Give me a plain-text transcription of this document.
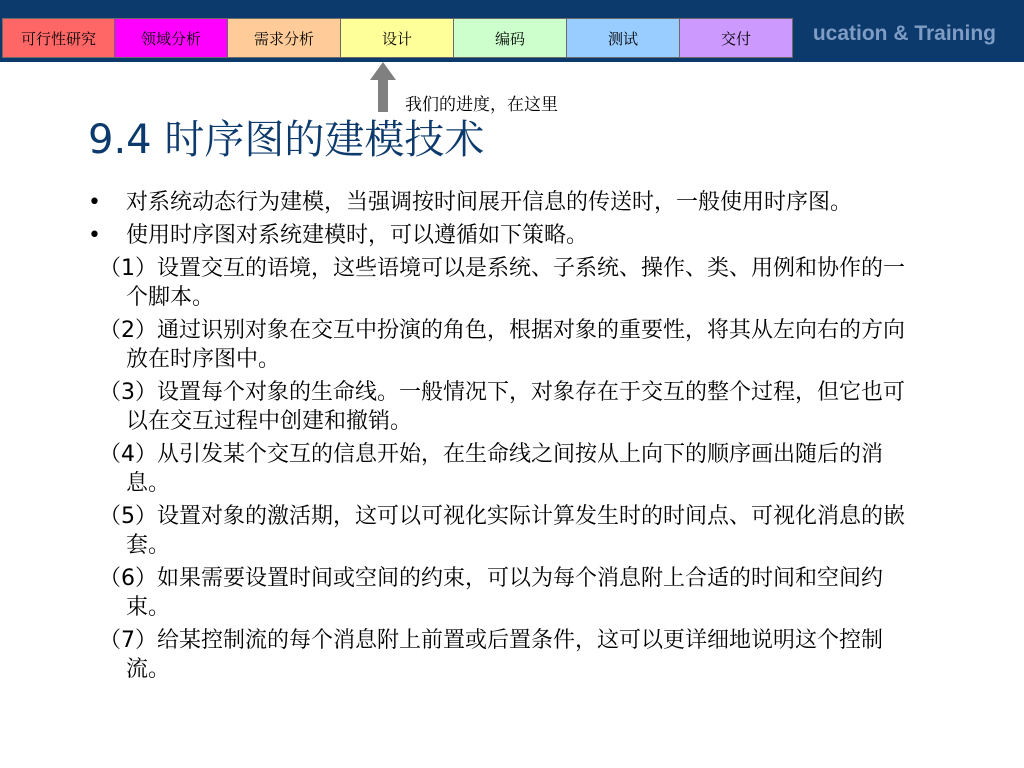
ucation & Training
可行性研究	领域分析	需求分析	设计	编码	测试	交付
我们的进度，在这里
9.4 时序图的建模技术
• 对系统动态行为建模，当强调按时间展开信息的传送时，一般使用时序图。
• 使用时序图对系统建模时，可以遵循如下策略。
（1）设置交互的语境，这些语境可以是系统、子系统、操作、类、用例和协作的一个脚本。
（2）通过识别对象在交互中扮演的角色，根据对象的重要性，将其从左向右的方向放在时序图中。
（3）设置每个对象的生命线。一般情况下，对象存在于交互的整个过程，但它也可以在交互过程中创建和撤销。
（4）从引发某个交互的信息开始，在生命线之间按从上向下的顺序画出随后的消息。
（5）设置对象的激活期，这可以可视化实际计算发生时的时间点、可视化消息的嵌套。
（6）如果需要设置时间或空间的约束，可以为每个消息附上合适的时间和空间约束。
（7）给某控制流的每个消息附上前置或后置条件，这可以更详细地说明这个控制流。
